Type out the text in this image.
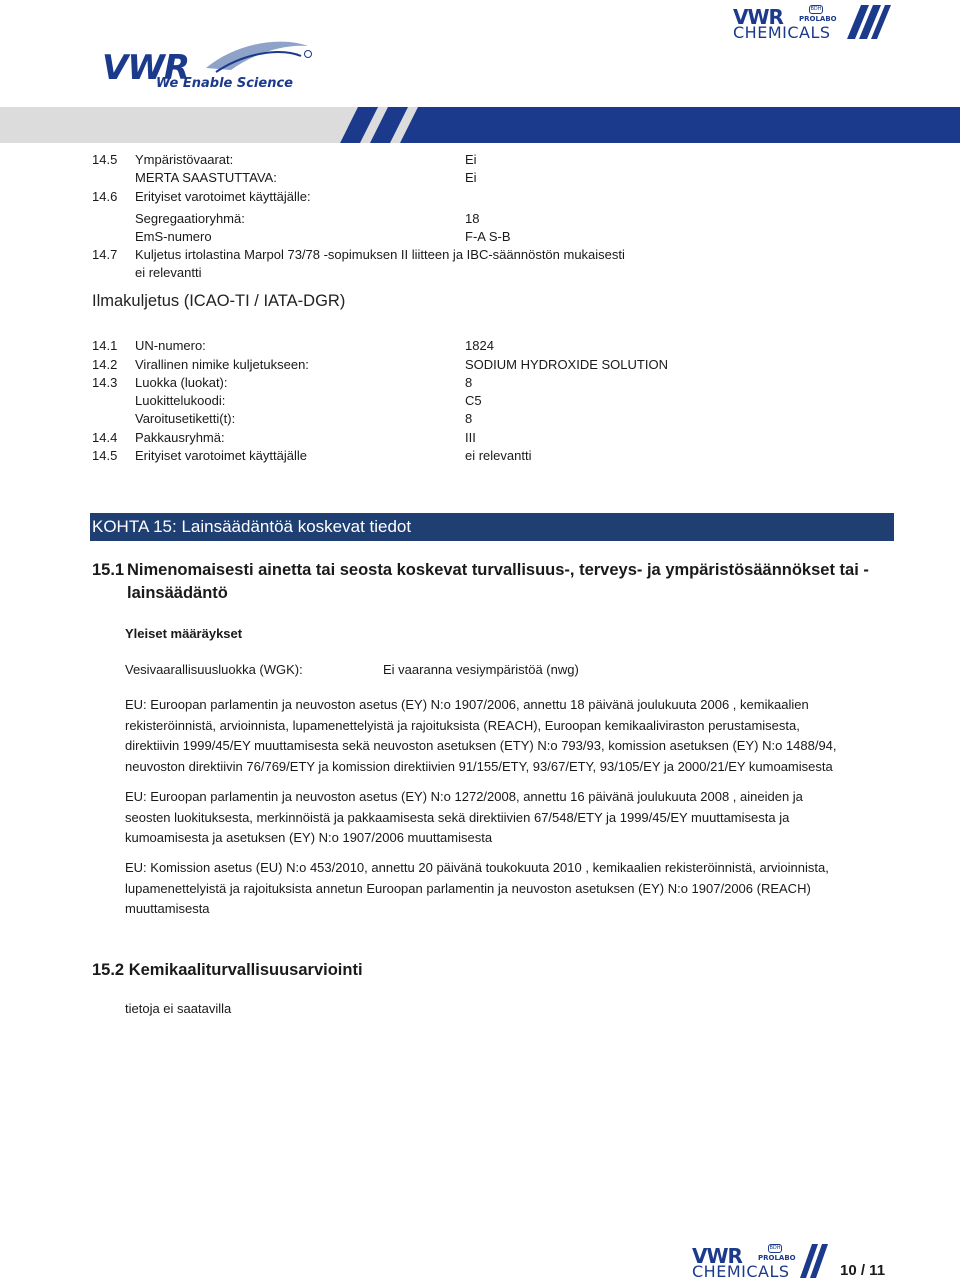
VWR
We Enable Science
VWR	BDH
PROLABO
CHEMICALS
14.5 Ympäristövaarat:	Ei
MERTA SAASTUTTAVA:	Ei
14.6 Erityiset varotoimet käyttäjälle:
Segregaatioryhmä:	18
EmS-numero	F-A S-B
14.7 Kuljetus irtolastina Marpol 73/78 -sopimuksen II liitteen ja IBC-säännöstön mukaisesti
ei relevantti
Ilmakuljetus (ICAO-TI / IATA-DGR)
14.1 UN-numero:	1824
14.2 Virallinen nimike kuljetukseen:	SODIUM HYDROXIDE SOLUTION
14.3 Luokka (luokat):	8
Luokittelukoodi:	C5
Varoitusetiketti(t):	8
14.4 Pakkausryhmä:	III
14.5 Erityiset varotoimet käyttäjälle	ei relevantti
KOHTA 15: Lainsäädäntöä koskevat tiedot
15.1 Nimenomaisesti ainetta tai seosta koskevat turvallisuus-, terveys- ja ympäristösäännökset tai -
lainsäädäntö
Yleiset määräykset
Vesivaarallisuusluokka (WGK):	Ei vaaranna vesiympäristöä (nwg)
EU: Euroopan parlamentin ja neuvoston asetus (EY) N:o 1907/2006, annettu 18 päivänä joulukuuta 2006 , kemikaalien rekisteröinnistä, arvioinnista, lupamenettelyistä ja rajoituksista (REACH), Euroopan kemikaaliviraston perustamisesta, direktiivin 1999/45/EY muuttamisesta sekä neuvoston asetuksen (ETY) N:o 793/93, komission asetuksen (EY) N:o 1488/94, neuvoston direktiivin 76/769/ETY ja komission direktiivien 91/155/ETY, 93/67/ETY, 93/105/EY ja 2000/21/EY kumoamisesta
EU: Euroopan parlamentin ja neuvoston asetus (EY) N:o 1272/2008, annettu 16 päivänä joulukuuta 2008 , aineiden ja seosten luokituksesta, merkinnöistä ja pakkaamisesta sekä direktiivien 67/548/ETY ja 1999/45/EY muuttamisesta ja kumoamisesta ja asetuksen (EY) N:o 1907/2006 muuttamisesta
EU: Komission asetus (EU) N:o 453/2010, annettu 20 päivänä toukokuuta 2010 , kemikaalien rekisteröinnistä, arvioinnista, lupamenettelyistä ja rajoituksista annetun Euroopan parlamentin ja neuvoston asetuksen (EY) N:o 1907/2006 (REACH) muuttamisesta
15.2 Kemikaaliturvallisuusarviointi
tietoja ei saatavilla
VWR	BDH
PROLABO
CHEMICALS	10 / 11
